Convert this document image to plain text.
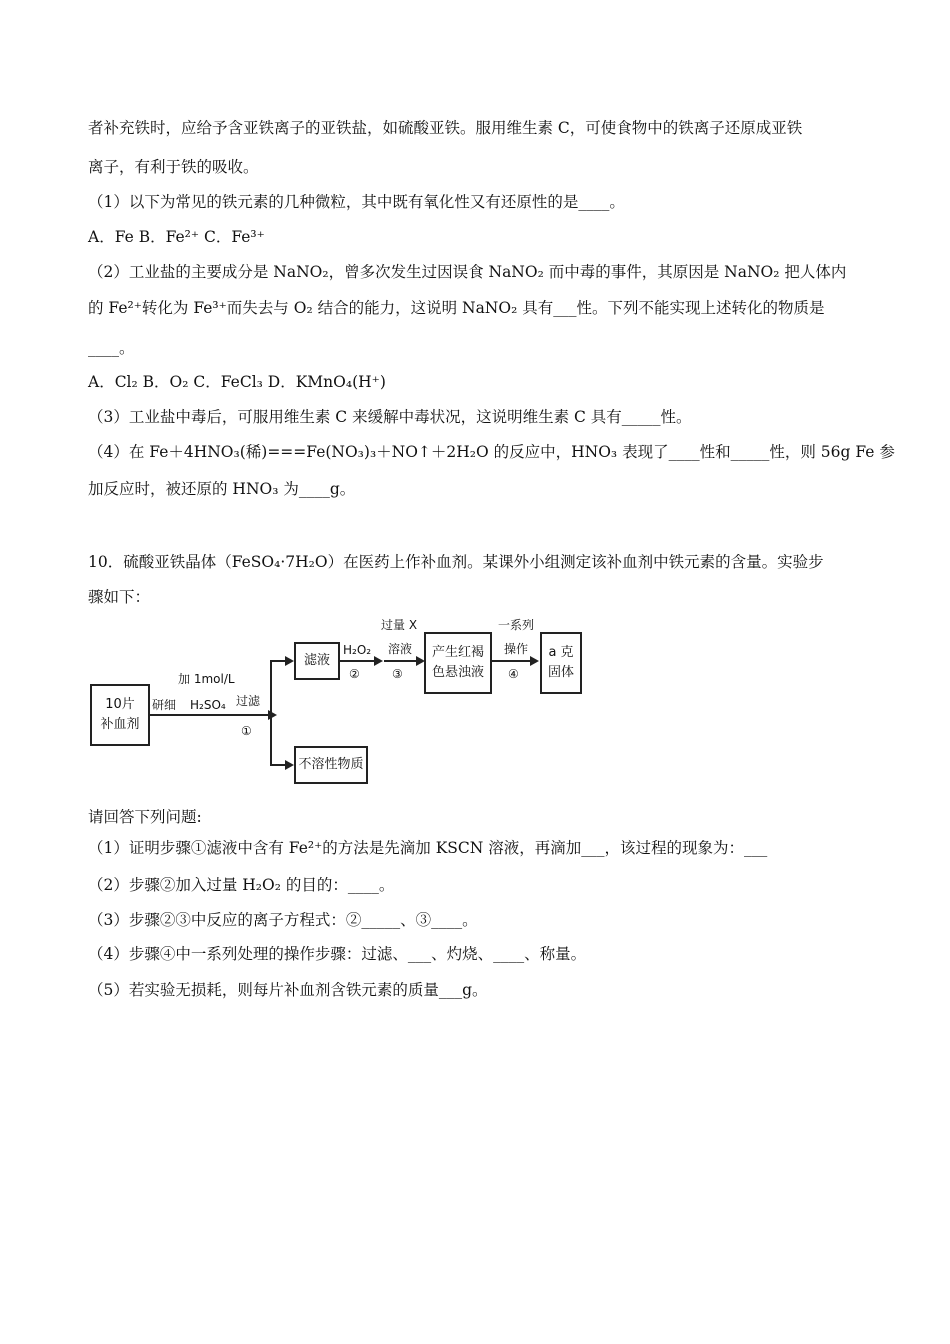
者补充铁时，应给予含亚铁离子的亚铁盐，如硫酸亚铁。服用维生素 C，可使食物中的铁离子还原成亚铁
离子，有利于铁的吸收。
（1）以下为常见的铁元素的几种微粒，其中既有氧化性又有还原性的是____。
A．Fe B．Fe²⁺ C．Fe³⁺
（2）工业盐的主要成分是 NaNO₂，曾多次发生过因误食 NaNO₂ 而中毒的事件，其原因是 NaNO₂ 把人体内
的 Fe²⁺转化为 Fe³⁺而失去与 O₂ 结合的能力，这说明 NaNO₂ 具有___性。下列不能实现上述转化的物质是
____。
A．Cl₂ B．O₂ C．FeCl₃ D．KMnO₄(H⁺)
（3）工业盐中毒后，可服用维生素 C 来缓解中毒状况，这说明维生素 C 具有_____性。
（4）在 Fe＋4HNO₃(稀)===Fe(NO₃)₃＋NO↑＋2H₂O 的反应中，HNO₃ 表现了____性和_____性，则 56g Fe 参
加反应时，被还原的 HNO₃ 为____g。
10．硫酸亚铁晶体（FeSO₄·7H₂O）在医药上作补血剂。某课外小组测定该补血剂中铁元素的含量。实验步
骤如下：
10片
补血剂
研细
加 1mol/L
H₂SO₄ 过滤
①
滤液
H₂O₂
②
过量 X
溶液
③
产生红褐
色悬浊液
一系列
操作
④
a 克
固体
不溶性物质
请回答下列问题:
（1）证明步骤①滤液中含有 Fe²⁺的方法是先滴加 KSCN 溶液，再滴加___，该过程的现象为：___
（2）步骤②加入过量 H₂O₂ 的目的：____。
（3）步骤②③中反应的离子方程式：②_____、③____。
（4）步骤④中一系列处理的操作步骤：过滤、___、灼烧、____、称量。
（5）若实验无损耗，则每片补血剂含铁元素的质量___g。
